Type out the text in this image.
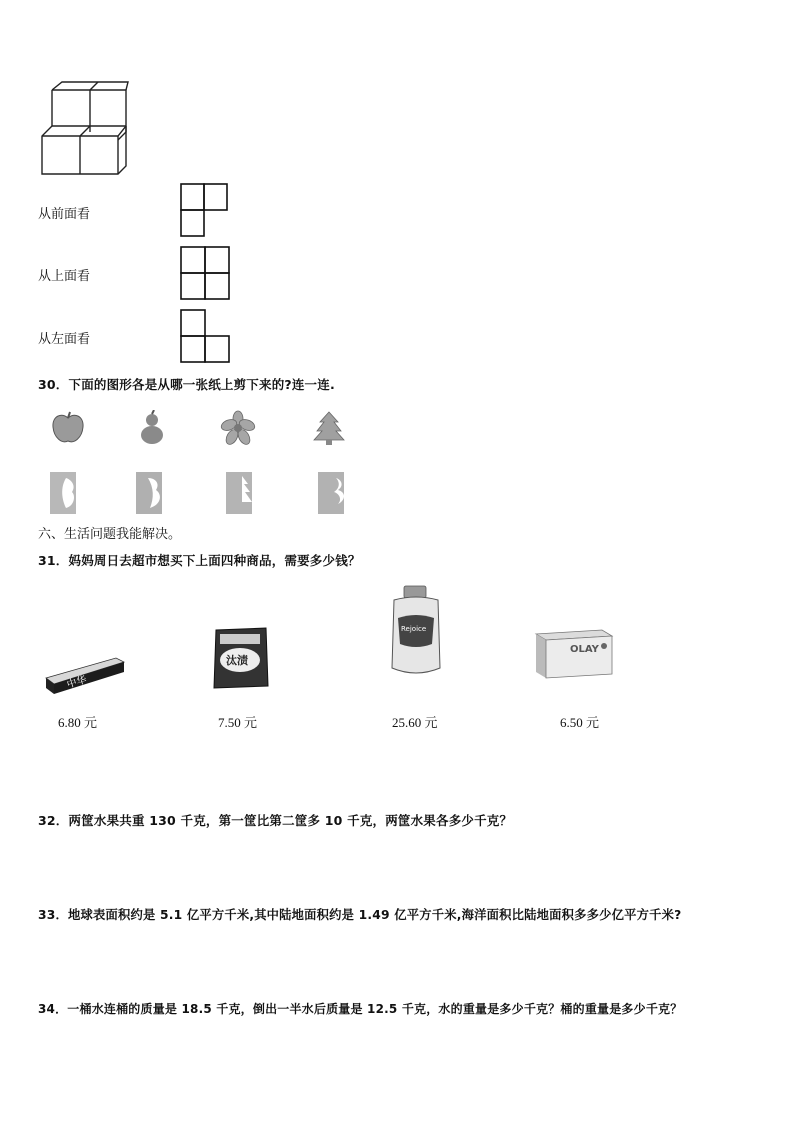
从前面看
从上面看
从左面看
30．下面的图形各是从哪一张纸上剪下来的?连一连.
六、生活问题我能解决。
31．妈妈周日去超市想买下上面四种商品，需要多少钱？
中华
6.80 元
汰渍
7.50 元
Rejoice
25.60 元
OLAY
6.50 元
32．两筐水果共重 130 千克，第一筐比第二筐多 10 千克，两筐水果各多少千克？
33．地球表面积约是 5.1 亿平方千米,其中陆地面积约是 1.49 亿平方千米,海洋面积比陆地面积多多少亿平方千米?
34．一桶水连桶的质量是 18.5 千克，倒出一半水后质量是 12.5 千克，水的重量是多少千克？桶的重量是多少千克？
